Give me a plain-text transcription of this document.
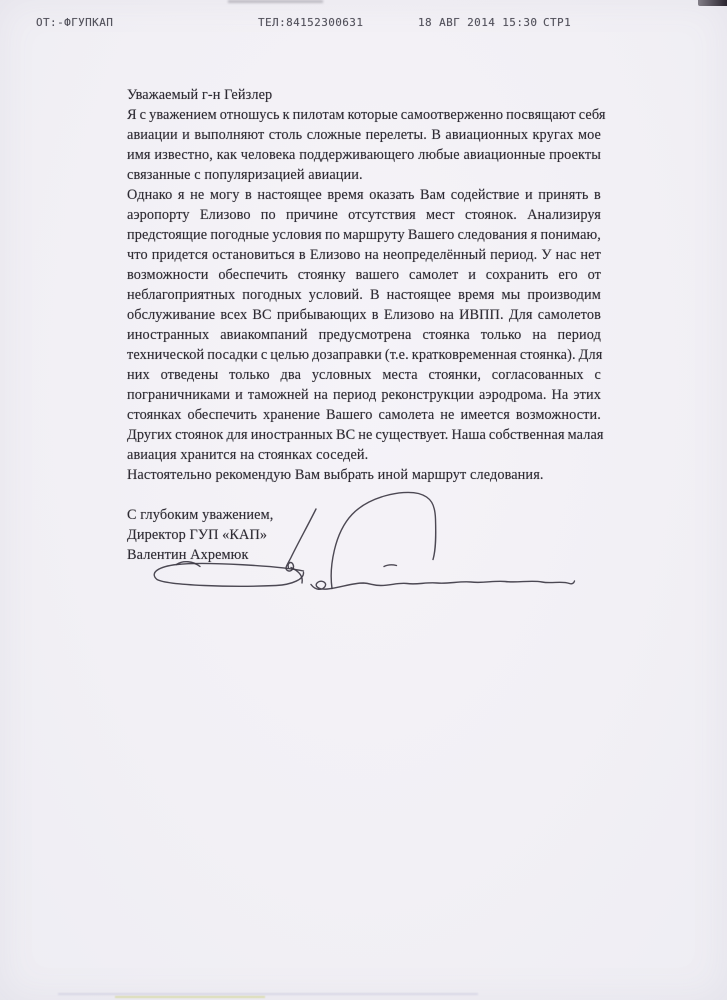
ОТ:-ФГУПКАП	ТЕЛ:84152300631	18 АВГ 2014 15:30 СТР1
Уважаемый г-н Гейзлер
Я с уважением отношусь к пилотам которые самоотверженно посвящают себя
авиации и выполняют столь сложные перелеты. В авиационных кругах мое
имя известно, как человека поддерживающего любые авиационные проекты
связанные с популяризацией авиации.
Однако я не могу в настоящее время оказать Вам содействие и принять в
аэропорту Елизово по причине отсутствия мест стоянок. Анализируя
предстоящие погодные условия по маршруту Вашего следования я понимаю,
что придется остановиться в Елизово на неопределённый период. У нас нет
возможности обеспечить стоянку вашего самолет и сохранить его от
неблагоприятных погодных условий. В настоящее время мы производим
обслуживание всех ВС прибывающих в Елизово на ИВПП. Для самолетов
иностранных авиакомпаний предусмотрена стоянка только на период
технической посадки с целью дозаправки (т.е. кратковременная стоянка). Для
них отведены только два условных места стоянки, согласованных с
пограничниками и таможней на период реконструкции аэродрома. На этих
стоянках обеспечить хранение Вашего самолета не имеется возможности.
Других стоянок для иностранных ВС не существует. Наша собственная малая
авиация хранится на стоянках соседей.
Настоятельно рекомендую Вам выбрать иной маршрут следования.
С глубоким уважением,
Директор ГУП «КАП»
Валентин Ахремюк
